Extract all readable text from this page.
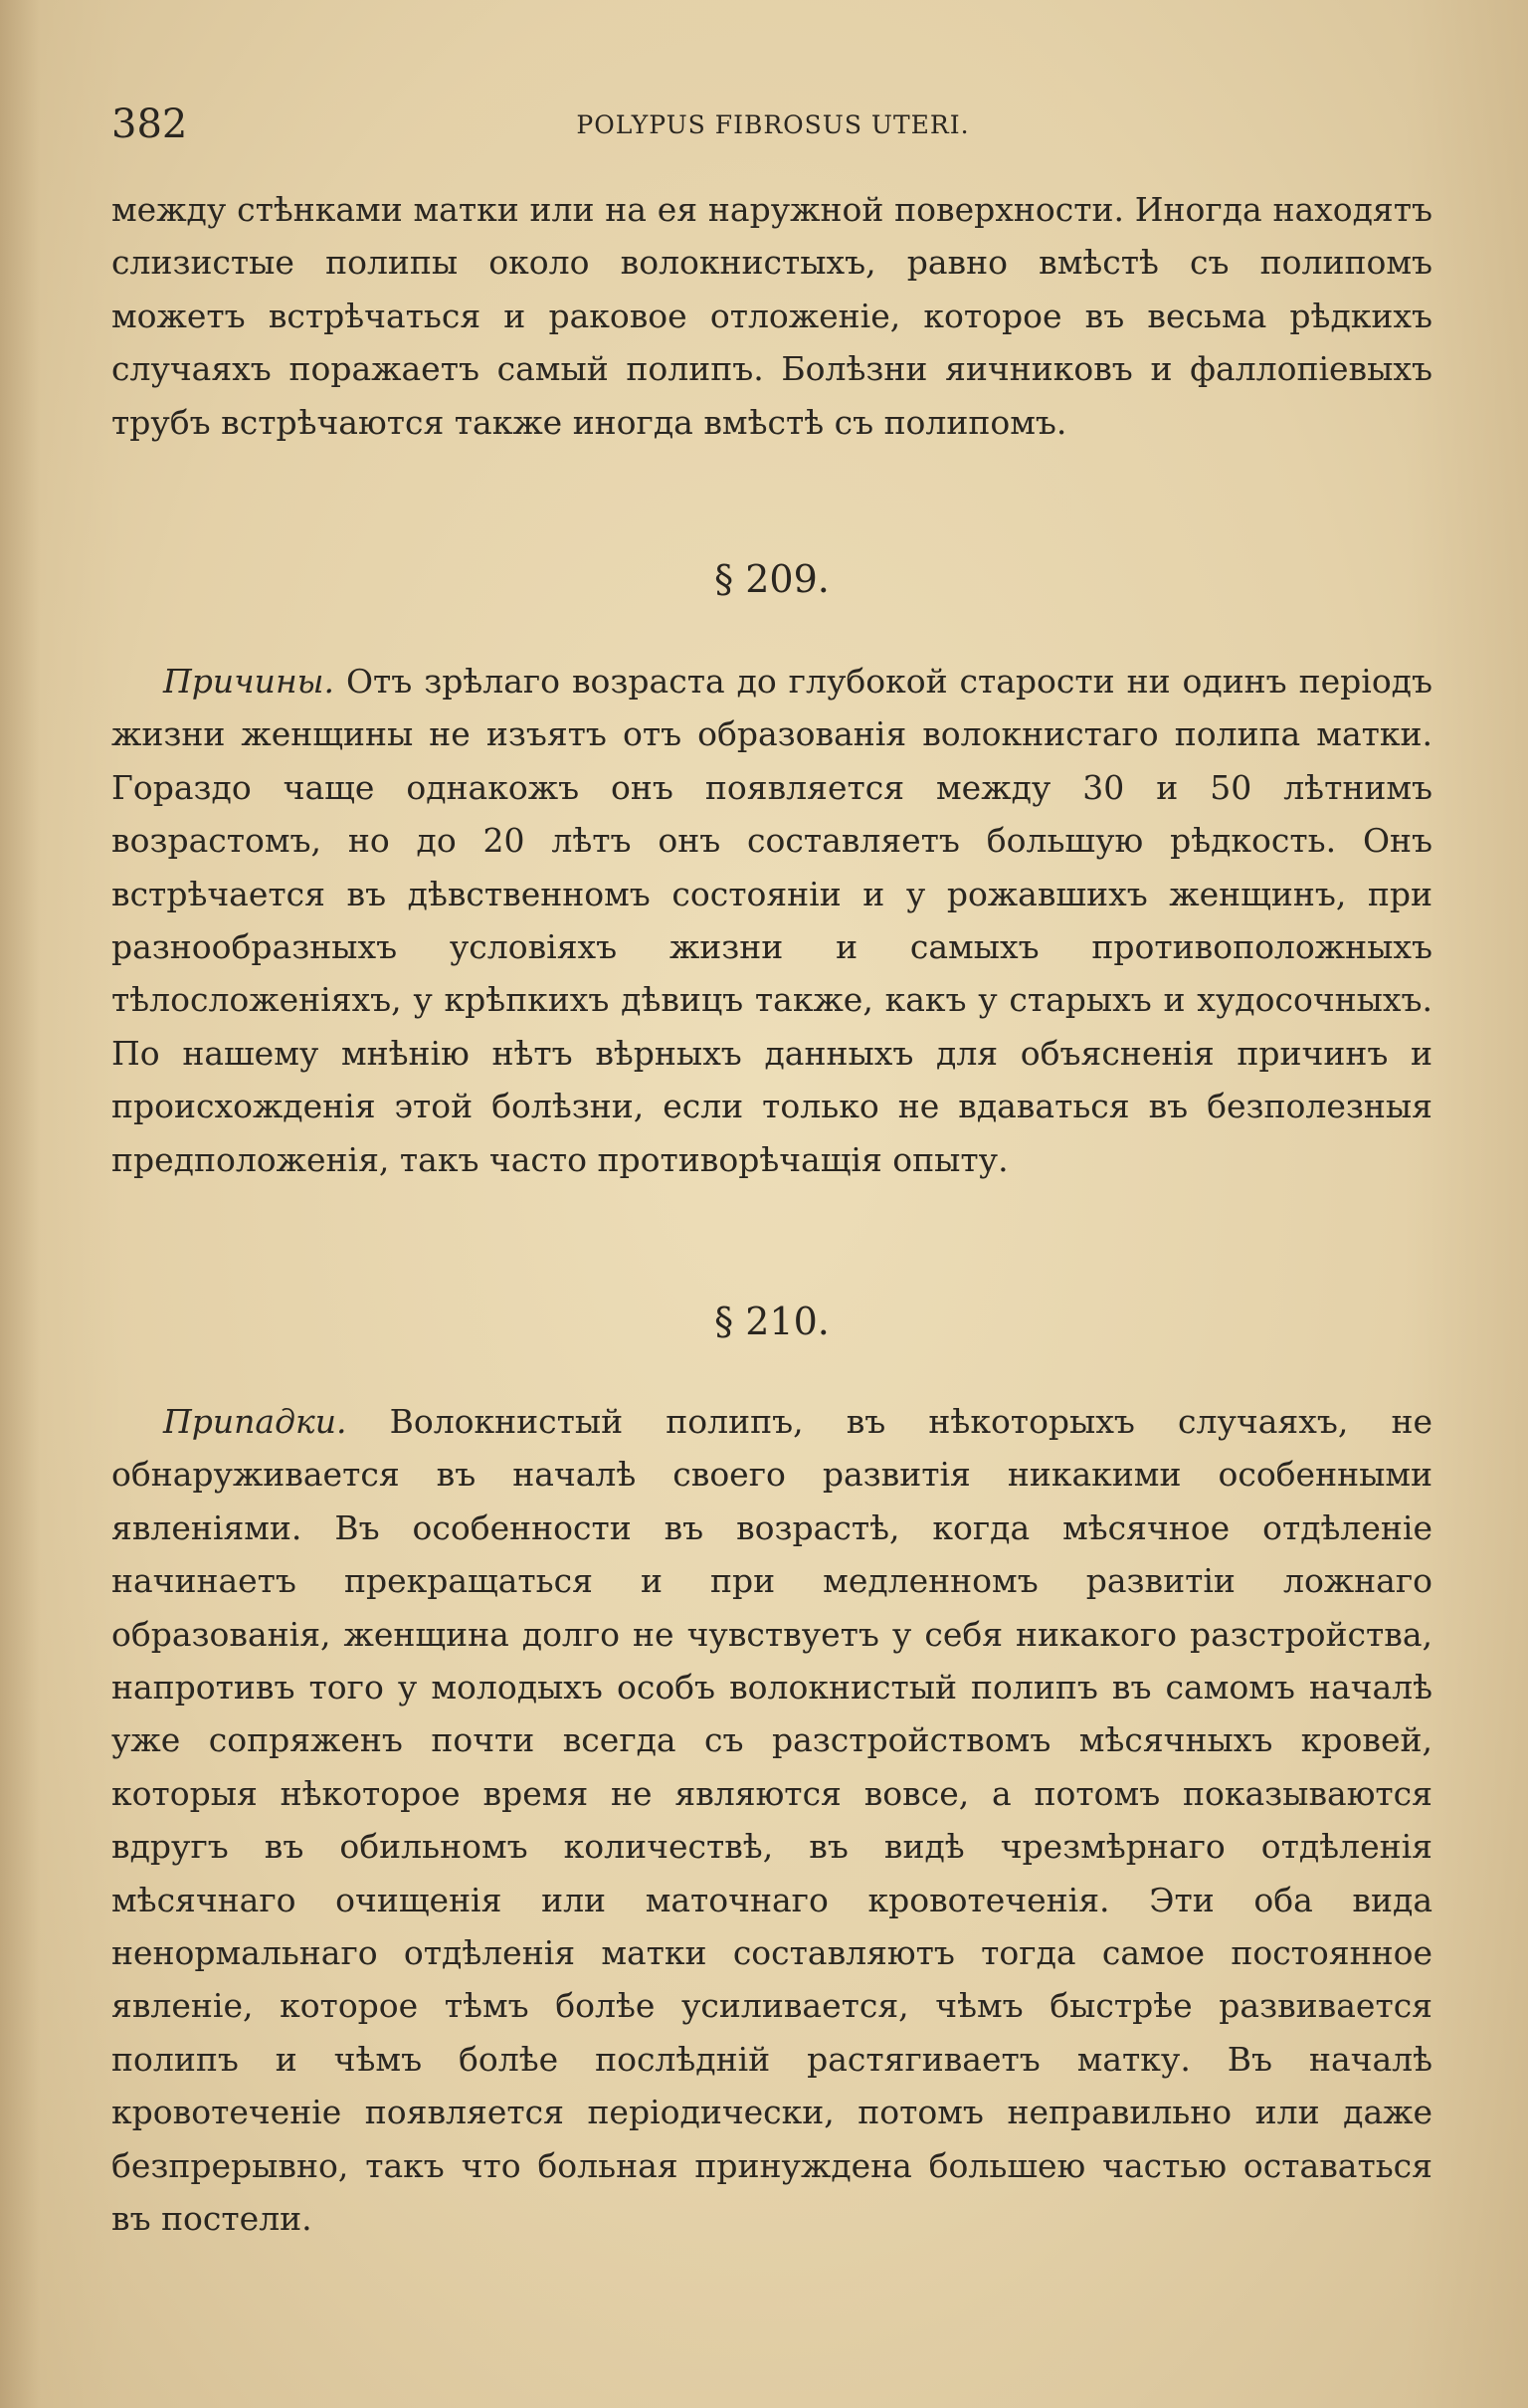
382	POLYPUS FIBROSUS UTERI.

между стѣнками матки или на ея наружной поверхности. Иногда находятъ слизистые полипы около волокнистыхъ, равно вмѣстѣ съ полипомъ можетъ встрѣчаться и раковое отложеніе, которое въ весьма рѣдкихъ случаяхъ поражаетъ самый полипъ. Болѣзни яичниковъ и фаллопіевыхъ трубъ встрѣчаются также иногда вмѣстѣ съ полипомъ.

§ 209.

Причины. Отъ зрѣлаго возраста до глубокой старости ни одинъ періодъ жизни женщины не изъятъ отъ образованія волокнистаго полипа матки. Гораздо чаще однакожъ онъ появляется между 30 и 50 лѣтнимъ возрастомъ, но до 20 лѣтъ онъ составляетъ большую рѣдкость. Онъ встрѣчается въ дѣвственномъ состояніи и у рожавшихъ женщинъ, при разнообразныхъ условіяхъ жизни и самыхъ противоположныхъ тѣлосложеніяхъ, у крѣпкихъ дѣвицъ также, какъ у старыхъ и худосочныхъ. По нашему мнѣнію нѣтъ вѣрныхъ данныхъ для объясненія причинъ и происхожденія этой болѣзни, если только не вдаваться въ безполезныя предположенія, такъ часто противорѣчащія опыту.

§ 210.

Припадки. Волокнистый полипъ, въ нѣкоторыхъ случаяхъ, не обнаруживается въ началѣ своего развитія никакими особенными явленіями. Въ особенности въ возрастѣ, когда мѣсячное отдѣленіе начинаетъ прекращаться и при медленномъ развитіи ложнаго образованія, женщина долго не чувствуетъ у себя никакого разстройства, напротивъ того у молодыхъ особъ волокнистый полипъ въ самомъ началѣ уже сопряженъ почти всегда съ разстройствомъ мѣсячныхъ кровей, которыя нѣкоторое время не являются вовсе, а потомъ показываются вдругъ въ обильномъ количествѣ, въ видѣ чрезмѣрнаго отдѣленія мѣсячнаго очищенія или маточнаго кровотеченія. Эти оба вида ненормальнаго отдѣленія матки составляютъ тогда самое постоянное явленіе, которое тѣмъ болѣе усиливается, чѣмъ быстрѣе развивается полипъ и чѣмъ болѣе послѣдній растягиваетъ матку. Въ началѣ кровотеченіе появляется періодически, потомъ неправильно или даже безпрерывно, такъ что больная принуждена большею частью оставаться въ постели.
